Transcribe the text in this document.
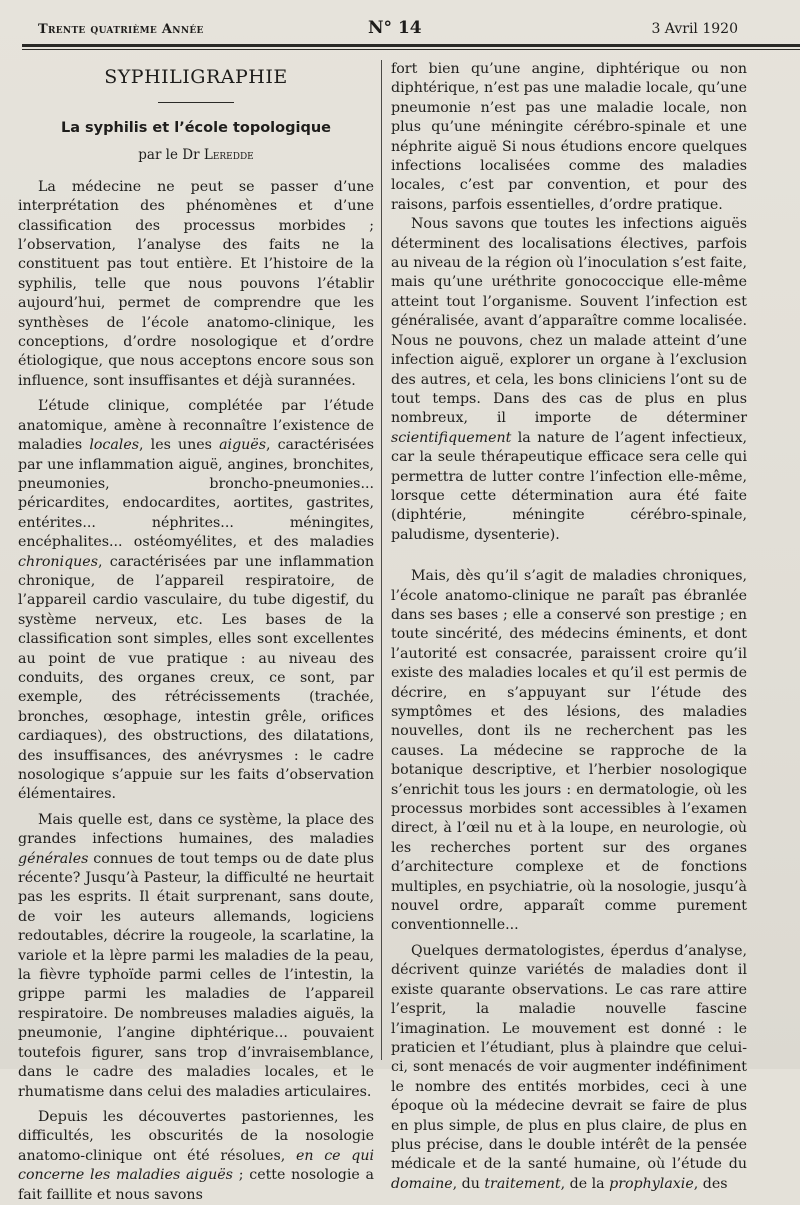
Trente quatrième Année	N° 14	3 Avril 1920
SYPHILIGRAPHIE
La syphilis et l’école topologique
par le Dr Leredde

La médecine ne peut se passer d’une interprétation des phénomènes et d’une classification des processus morbides ; l’observation, l’analyse des faits ne la constituent pas tout entière. Et l’histoire de la syphilis, telle que nous pouvons l’établir aujourd’hui, permet de comprendre que les synthèses de l’école anatomo-clinique, les conceptions, d’ordre nosologique et d’ordre étiologique, que nous acceptons encore sous son influence, sont insuffisantes et déjà surannées.

L’étude clinique, complétée par l’étude anatomique, amène à reconnaître l’existence de maladies locales, les unes aiguës, caractérisées par une inflammation aiguë, angines, bronchites, pneumonies, broncho-pneumonies... péricardites, endocardites, aortites, gastrites, entérites... néphrites... méningites, encéphalites... ostéomyélites, et des maladies chroniques, caractérisées par une inflammation chronique, de l’appareil respiratoire, de l’appareil cardio vasculaire, du tube digestif, du système nerveux, etc. Les bases de la classification sont simples, elles sont excellentes au point de vue pratique : au niveau des conduits, des organes creux, ce sont, par exemple, des rétrécissements (trachée, bronches, œsophage, intestin grêle, orifices cardiaques), des obstructions, des dilatations, des insuffisances, des anévrysmes : le cadre nosologique s’appuie sur les faits d’observation élémentaires.

Mais quelle est, dans ce système, la place des grandes infections humaines, des maladies générales connues de tout temps ou de date plus récente? Jusqu’à Pasteur, la difficulté ne heurtait pas les esprits. Il était surprenant, sans doute, de voir les auteurs allemands, logiciens redoutables, décrire la rougeole, la scarlatine, la variole et la lèpre parmi les maladies de la peau, la fièvre typhoïde parmi celles de l’intestin, la grippe parmi les maladies de l’appareil respiratoire. De nombreuses maladies aiguës, la pneumonie, l’angine diphtérique... pouvaient toutefois figurer, sans trop d’invraisemblance, dans le cadre des maladies locales, et le rhumatisme dans celui des maladies articulaires.

Depuis les découvertes pastoriennes, les difficultés, les obscurités de la nosologie anatomo-clinique ont été résolues, en ce qui concerne les maladies aiguës ; cette nosologie a fait faillite et nous savons

fort bien qu’une angine, diphtérique ou non diphtérique, n’est pas une maladie locale, qu’une pneumonie n’est pas une maladie locale, non plus qu’une méningite cérébro-spinale et une néphrite aiguë Si nous étudions encore quelques infections localisées comme des maladies locales, c’est par convention, et pour des raisons, parfois essentielles, d’ordre pratique.

Nous savons que toutes les infections aiguës déterminent des localisations électives, parfois au niveau de la région où l’inoculation s’est faite, mais qu’une uréthrite gonococcique elle-même atteint tout l’organisme. Souvent l’infection est généralisée, avant d’apparaître comme localisée. Nous ne pouvons, chez un malade atteint d’une infection aiguë, explorer un organe à l’exclusion des autres, et cela, les bons cliniciens l’ont su de tout temps. Dans des cas de plus en plus nombreux, il importe de déterminer scientifiquement la nature de l’agent infectieux, car la seule thérapeutique efficace sera celle qui permettra de lutter contre l’infection elle-même, lorsque cette détermination aura été faite (diphtérie, méningite cérébro-spinale, paludisme, dysenterie).

Mais, dès qu’il s’agit de maladies chroniques, l’école anatomo-clinique ne paraît pas ébranlée dans ses bases ; elle a conservé son prestige ; en toute sincérité, des médecins éminents, et dont l’autorité est consacrée, paraissent croire qu’il existe des maladies locales et qu’il est permis de décrire, en s’appuyant sur l’étude des symptômes et des lésions, des maladies nouvelles, dont ils ne recherchent pas les causes. La médecine se rapproche de la botanique descriptive, et l’herbier nosologique s’enrichit tous les jours : en dermatologie, où les processus morbides sont accessibles à l’examen direct, à l’œil nu et à la loupe, en neurologie, où les recherches portent sur des organes d’architecture complexe et de fonctions multiples, en psychiatrie, où la nosologie, jusqu’à nouvel ordre, apparaît comme purement conventionnelle...

Quelques dermatologistes, éperdus d’analyse, décrivent quinze variétés de maladies dont il existe quarante observations. Le cas rare attire l’esprit, la maladie nouvelle fascine l’imagination. Le mouvement est donné : le praticien et l’étudiant, plus à plaindre que celui-ci, sont menacés de voir augmenter indéfiniment le nombre des entités morbides, ceci à une époque où la médecine devrait se faire de plus en plus simple, de plus en plus claire, de plus en plus précise, dans le double intérêt de la pensée médicale et de la santé humaine, où l’étude du domaine, du traitement, de la prophylaxie, des
